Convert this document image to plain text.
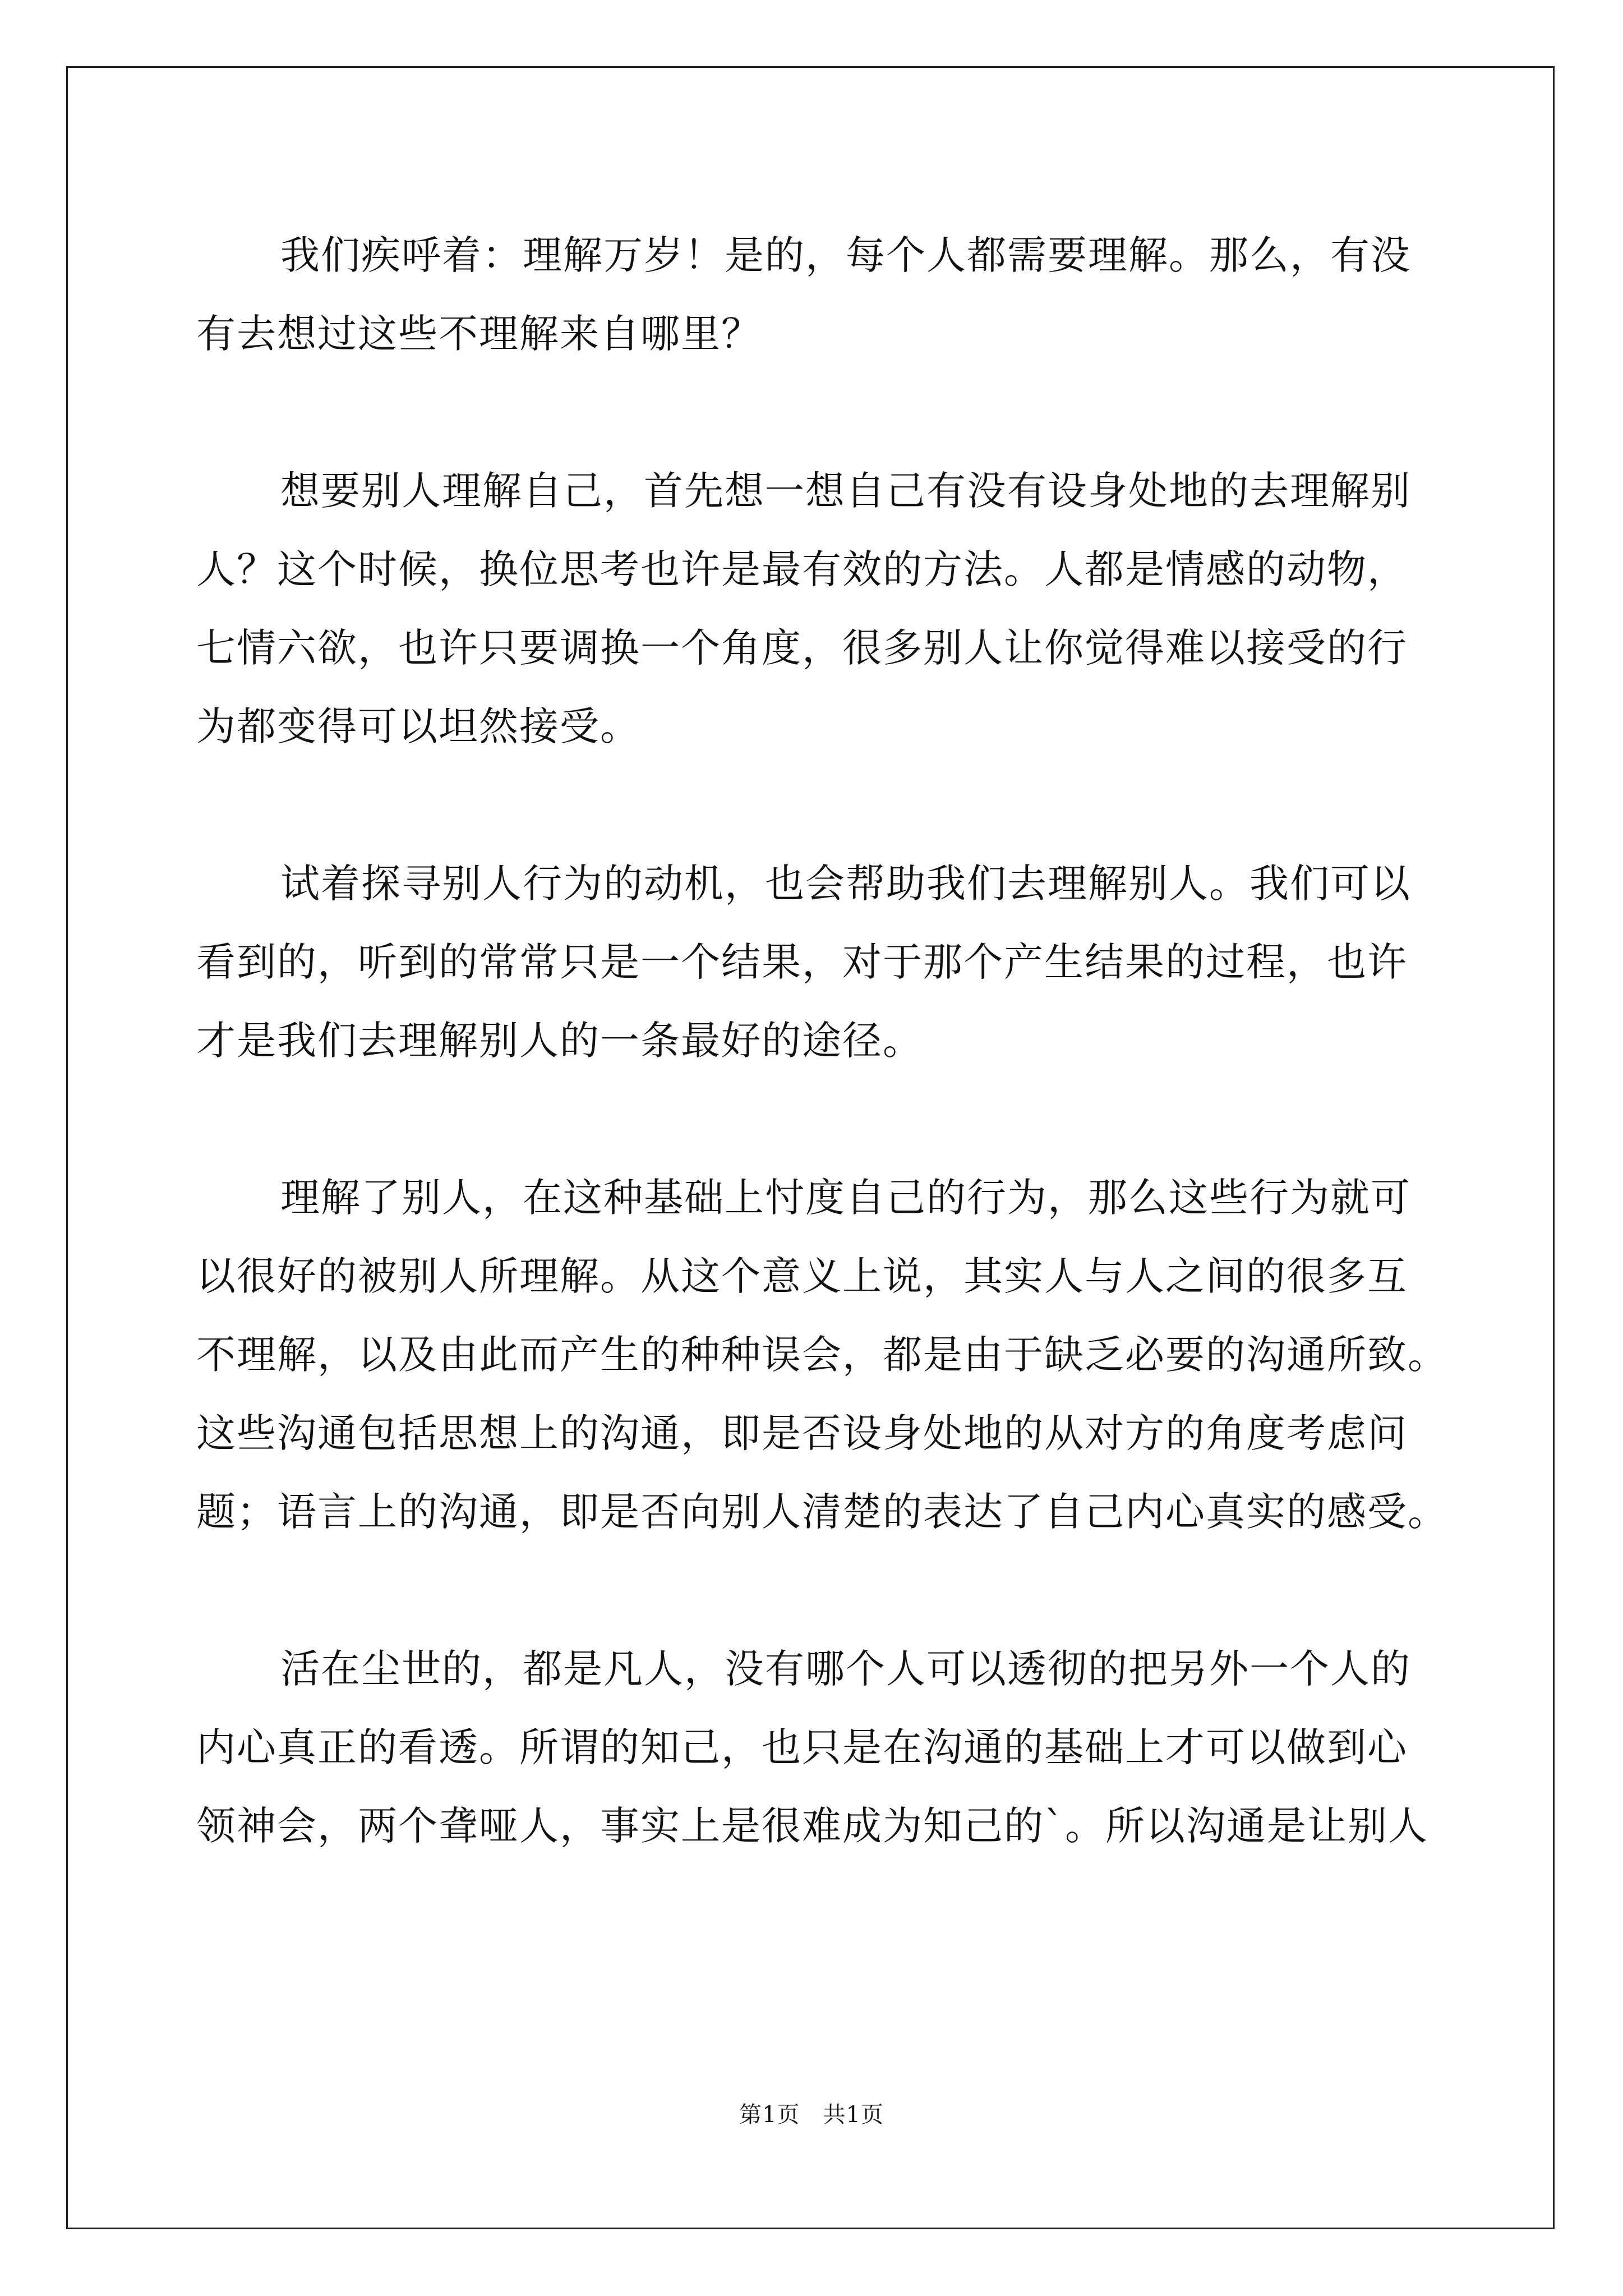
我们疾呼着：理解万岁！是的，每个人都需要理解。那么，有没
有去想过这些不理解来自哪里？
想要别人理解自己，首先想一想自己有没有设身处地的去理解别
人？这个时候，换位思考也许是最有效的方法。人都是情感的动物，
七情六欲，也许只要调换一个角度，很多别人让你觉得难以接受的行
为都变得可以坦然接受。
试着探寻别人行为的动机，也会帮助我们去理解别人。我们可以
看到的，听到的常常只是一个结果，对于那个产生结果的过程，也许
才是我们去理解别人的一条最好的途径。
理解了别人，在这种基础上忖度自己的行为，那么这些行为就可
以很好的被别人所理解。从这个意义上说，其实人与人之间的很多互
不理解，以及由此而产生的种种误会，都是由于缺乏必要的沟通所致。
这些沟通包括思想上的沟通，即是否设身处地的从对方的角度考虑问
题；语言上的沟通，即是否向别人清楚的表达了自己内心真实的感受。
活在尘世的，都是凡人，没有哪个人可以透彻的把另外一个人的
内心真正的看透。所谓的知己，也只是在沟通的基础上才可以做到心
领神会，两个聋哑人，事实上是很难成为知己的`。所以沟通是让别人
第1页　共1页
